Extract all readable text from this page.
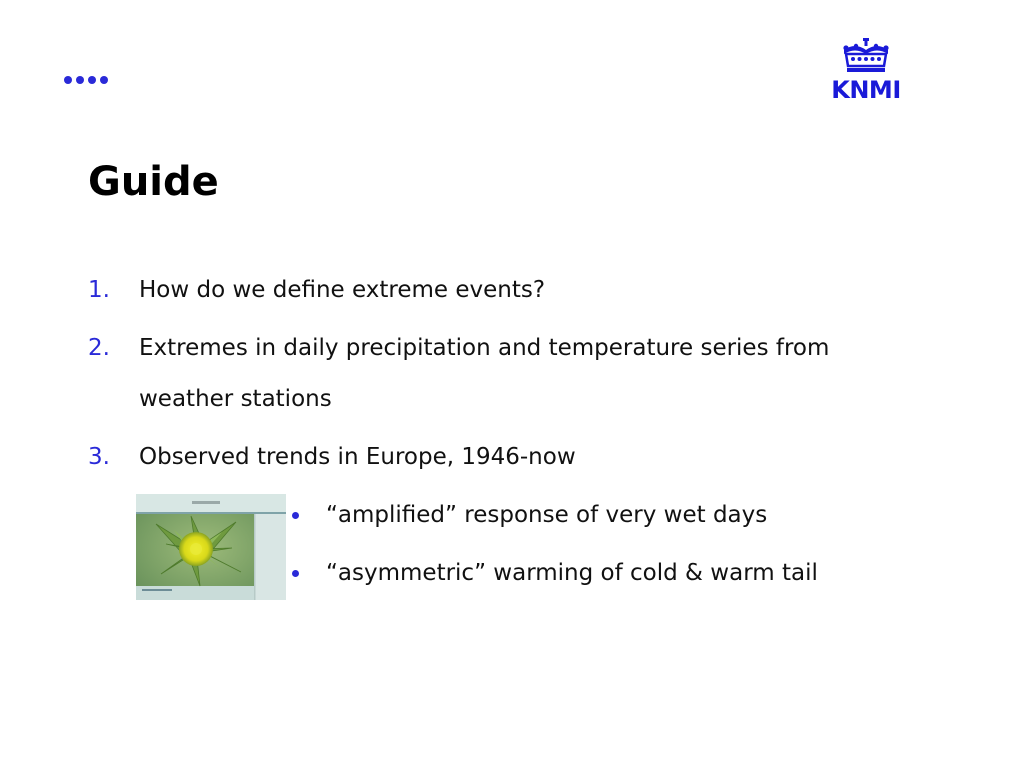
KNMI
Guide
1. How do we define extreme events?
2. Extremes in daily precipitation and temperature series from weather stations
3. Observed trends in Europe, 1946-now
“amplified” response of very wet days
“asymmetric” warming of cold & warm tail
